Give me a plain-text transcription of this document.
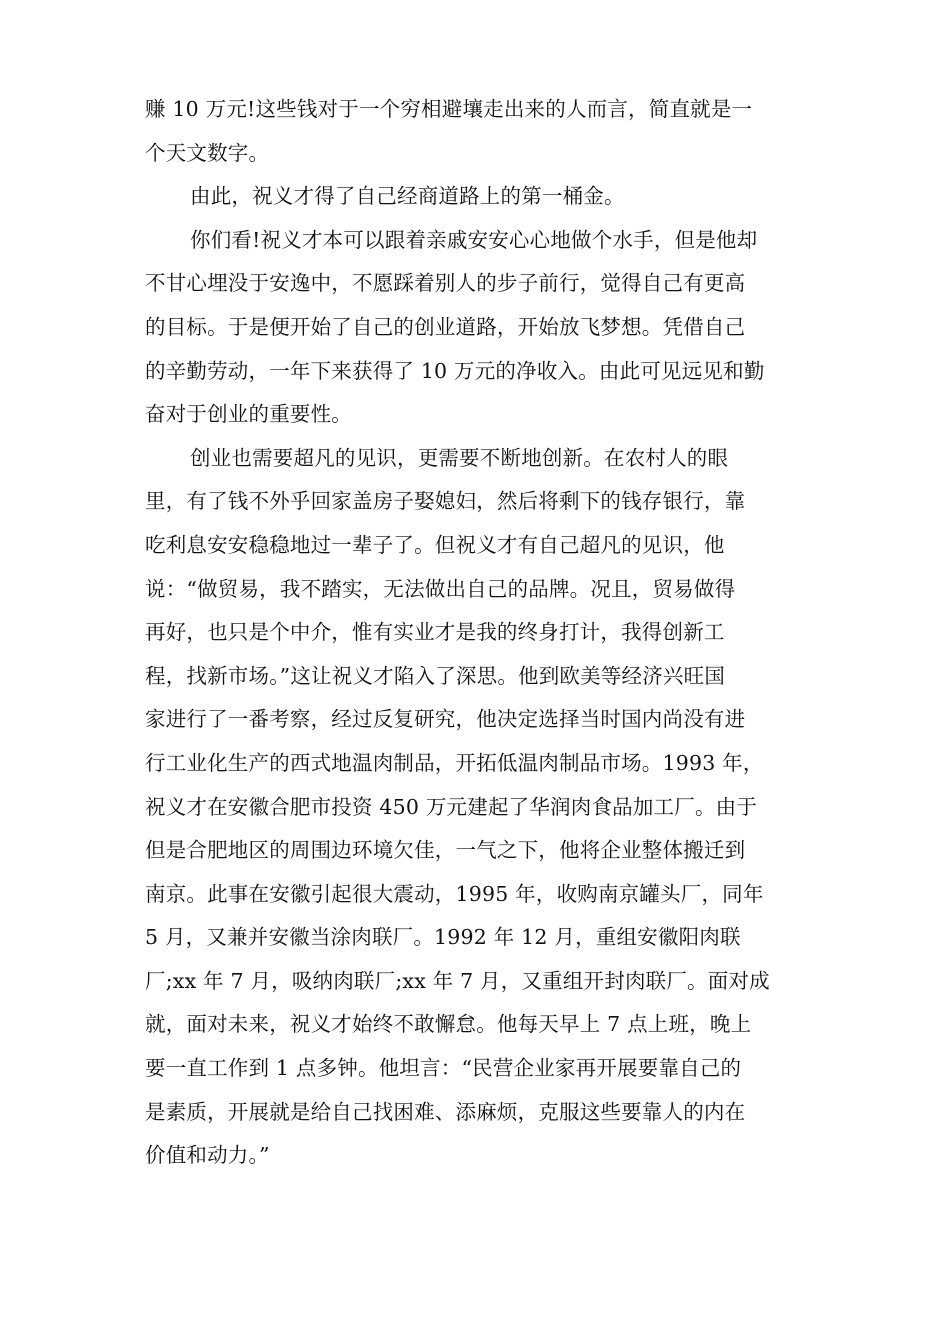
赚 10 万元!这些钱对于一个穷相避壤走出来的人而言，简直就是一
个天文数字。
由此，祝义才得了自己经商道路上的第一桶金。
你们看!祝义才本可以跟着亲戚安安心心地做个水手，但是他却
不甘心埋没于安逸中，不愿踩着别人的步子前行，觉得自己有更高
的目标。于是便开始了自己的创业道路，开始放飞梦想。凭借自己
的辛勤劳动，一年下来获得了 10 万元的净收入。由此可见远见和勤
奋对于创业的重要性。
创业也需要超凡的见识，更需要不断地创新。在农村人的眼
里，有了钱不外乎回家盖房子娶媳妇，然后将剩下的钱存银行，靠
吃利息安安稳稳地过一辈子了。但祝义才有自己超凡的见识，他
说：“做贸易，我不踏实，无法做出自己的品牌。况且，贸易做得
再好，也只是个中介，惟有实业才是我的终身打计，我得创新工
程，找新市场。”这让祝义才陷入了深思。他到欧美等经济兴旺国
家进行了一番考察，经过反复研究，他决定选择当时国内尚没有进
行工业化生产的西式地温肉制品，开拓低温肉制品市场。1993 年，
祝义才在安徽合肥市投资 450 万元建起了华润肉食品加工厂。由于
但是合肥地区的周围边环境欠佳，一气之下，他将企业整体搬迁到
南京。此事在安徽引起很大震动，1995 年，收购南京罐头厂，同年
5 月，又兼并安徽当涂肉联厂。1992 年 12 月，重组安徽阳肉联
厂;xx 年 7 月，吸纳肉联厂;xx 年 7 月，又重组开封肉联厂。面对成
就，面对未来，祝义才始终不敢懈怠。他每天早上 7 点上班，晚上
要一直工作到 1 点多钟。他坦言：“民营企业家再开展要靠自己的
是素质，开展就是给自己找困难、添麻烦，克服这些要靠人的内在
价值和动力。”
